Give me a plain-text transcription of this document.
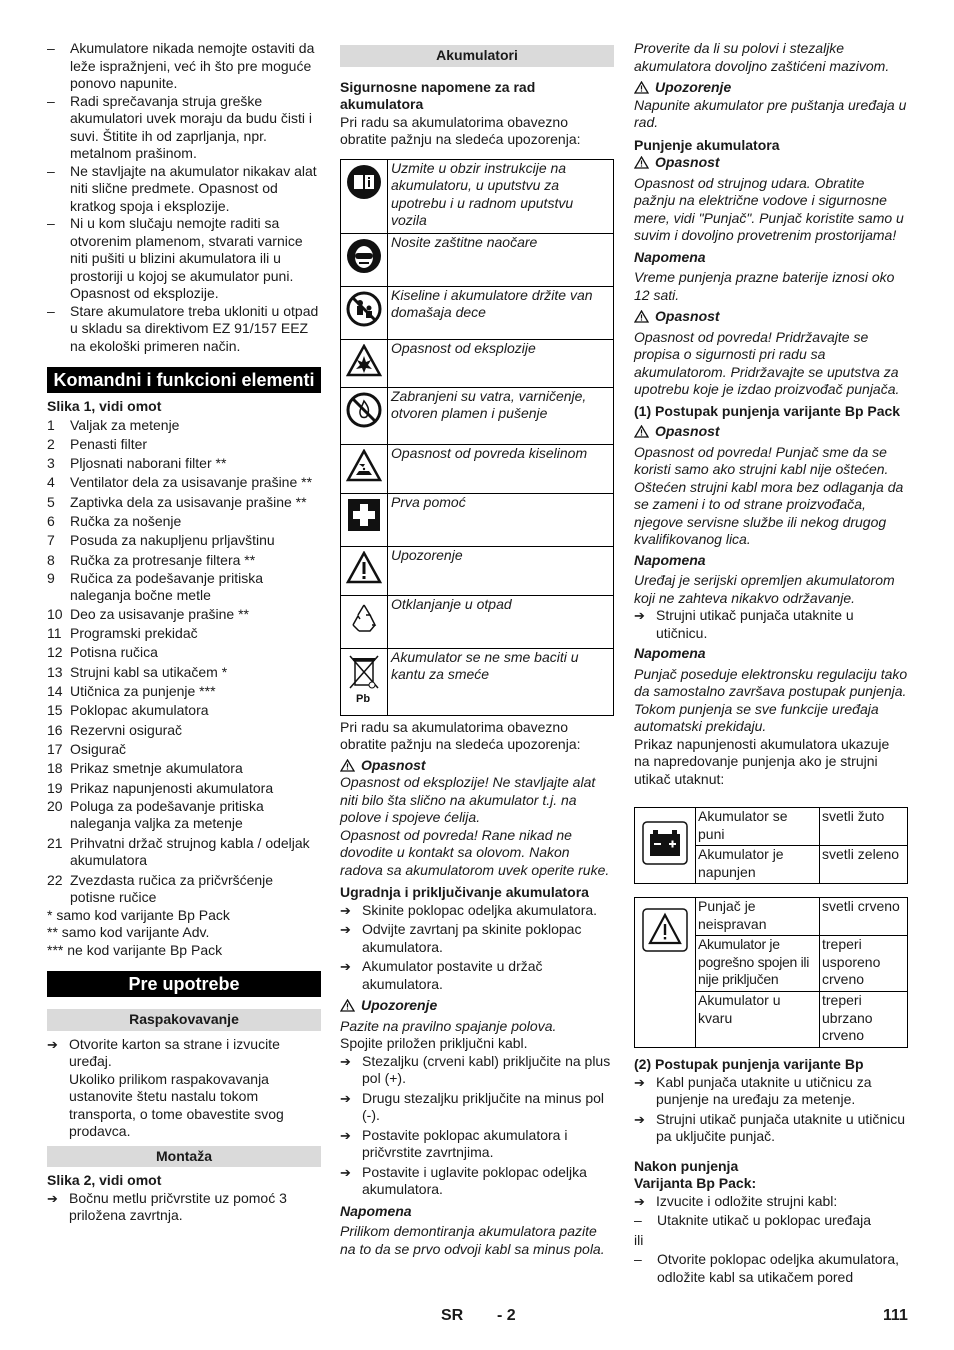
–	Akumulatore nikada nemojte ostaviti da leže ispražnjeni, već ih što pre moguće ponovo napunite.
–	Radi sprečavanja struja greške akumulatori uvek moraju da budu čisti i suvi. Štitite ih od zaprljanja, npr. metalnom prašinom.
–	Ne stavljajte na akumulator nikakav alat niti slične predmete. Opasnost od kratkog spoja i eksplozije.
–	Ni u kom slučaju nemojte raditi sa otvorenim plamenom, stvarati varnice niti pušiti u blizini akumulatora ili u prostoriji u kojoj se akumulator puni. Opasnost od eksplozije.
–	Stare akumulatore treba ukloniti u otpad u skladu sa direktivom EZ 91/157 EEZ na ekološki primeren način.
Komandni i funkcioni elementi
Slika 1, vidi omot
1	Valjak za metenje
2	Penasti filter
3	Pljosnati naborani filter **
4	Ventilator dela za usisavanje prašine **
5	Zaptivka dela za usisavanje prašine **
6	Ručka za nošenje
7	Posuda za nakupljenu prljavštinu
8	Ručka za protresanje filtera **
9	Ručica za podešavanje pritiska naleganja bočne metle
10 Deo za usisavanje prašine **
11 Programski prekidač
12 Potisna ručica
13 Strujni kabl sa utikačem *
14 Utičnica za punjenje ***
15 Poklopac akumulatora
16 Rezervni osigurač
17 Osigurač
18 Prikaz smetnje akumulatora
19 Prikaz napunjenosti akumulatora
20 Poluga za podešavanje pritiska naleganja valjka za metenje
21 Prihvatni držač strujnog kabla / odeljak akumulatora
22 Zvezdasta ručica za pričvršćenje potisne ručice
* samo kod varijante Bp Pack
** samo kod varijante Adv.
*** ne kod varijante Bp Pack
Pre upotrebe
Raspakovavanje
➔ Otvorite karton sa strane i izvucite uređaj.
Ukoliko prilikom raspakovavanja ustanovite štetu nastalu tokom transporta, o tome obavestite svog prodavca.
Montaža
Slika 2, vidi omot
➔ Bočnu metlu pričvrstite uz pomoć 3 priložena zavrtnja.
Akumulatori
Sigurnosne napomene za rad akumulatora
Pri radu sa akumulatorima obavezno obratite pažnju na sledeća upozorenja:
	Uzmite u obzir instrukcije na akumulatoru, u uputstvu za upotrebu i u radnom uputstvu vozila
	Nosite zaštitne naočare
	Kiseline i akumulatore držite van domašaja dece
	Opasnost od eksplozije
	Zabranjeni su vatra, varničenje, otvoren plamen i pušenje
	Opasnost od povreda kiselinom
	Prva pomoć
	Upozorenje
	Otklanjanje u otpad

Pb	Akumulator se ne sme baciti u kantu za smeće
Pri radu sa akumulatorima obavezno obratite pažnju na sledeća upozorenja:
Opasnost
Opasnost od eksplozije! Ne stavljajte alat niti bilo šta slično na akumulator t.j. na polove i spojeve ćelija.
Opasnost od povreda! Rane nikad ne dovodite u kontakt sa olovom. Nakon radova sa akumulatorom uvek operite ruke.
Ugradnja i priključivanje akumulatora
➔ Skinite poklopac odeljka akumulatora.
➔ Odvijte zavrtanj pa skinite poklopac akumulatora.
➔ Akumulator postavite u držač akumulatora.
Upozorenje
Pazite na pravilno spajanje polova.
Spojite priložen priključni kabl.
➔ Stezaljku (crveni kabl) priključite na plus pol (+).
➔ Drugu stezaljku priključite na minus pol (-).
➔ Postavite poklopac akumulatora i pričvrstite zavrtnjima.
➔ Postavite i uglavite poklopac odeljka akumulatora.
Napomena
Prilikom demontiranja akumulatora pazite na to da se prvo odvoji kabl sa minus pola.
Proverite da li su polovi i stezaljke akumulatora dovoljno zaštićeni mazivom.
Upozorenje
Napunite akumulator pre puštanja uređaja u rad.
Punjenje akumulatora
Opasnost
Opasnost od strujnog udara. Obratite pažnju na električne vodove i sigurnosne mere, vidi "Punjač". Punjač koristite samo u suvim i dovoljno provetrenim prostorijama!
Napomena
Vreme punjenja prazne baterije iznosi oko 12 sati.
Opasnost
Opasnost od povreda! Pridržavajte se propisa o sigurnosti pri radu sa akumulatorom. Pridržavajte se uputstva za upotrebu koje je izdao proizvođač punjača.
(1) Postupak punjenja varijante Bp Pack
Opasnost
Opasnost od povreda! Punjač sme da se koristi samo ako strujni kabl nije oštećen. Oštećen strujni kabl mora bez odlaganja da se zameni i to od strane proizvođača, njegove servisne službe ili nekog drugog kvalifikovanog lica.
Napomena
Uređaj je serijski opremljen akumulatorom koji ne zahteva nikakvo održavanje.
➔ Strujni utikač punjača utaknite u utičnicu.
Napomena
Punjač poseduje elektronsku regulaciju tako da samostalno završava postupak punjenja. Tokom punjenja se sve funkcije uređaja automatski prekidaju.
Prikaz napunjenosti akumulatora ukazuje na napredovanje punjenja ako je strujni utikač utaknut:
	Akumulator se puni	svetli žuto
	Akumulator je napunjen	svetli zeleno
	Punjač je neispravan	svetli crveno
	Akumulator je pogrešno spojen ili nije priključen	treperi usporeno crveno
	Akumulator u kvaru	treperi ubrzano crveno
(2) Postupak punjenja varijante Bp
➔ Kabl punjača utaknite u utičnicu za punjenje na uređaju za metenje.
➔ Strujni utikač punjača utaknite u utičnicu pa uključite punjač.
Nakon punjenja
Varijanta Bp Pack:
➔ Izvucite i odložite strujni kabl:
–	Utaknite utikač u poklopac uređaja
ili
–	Otvorite poklopac odeljka akumulatora, odložite kabl sa utikačem pored
SR - 2	111
